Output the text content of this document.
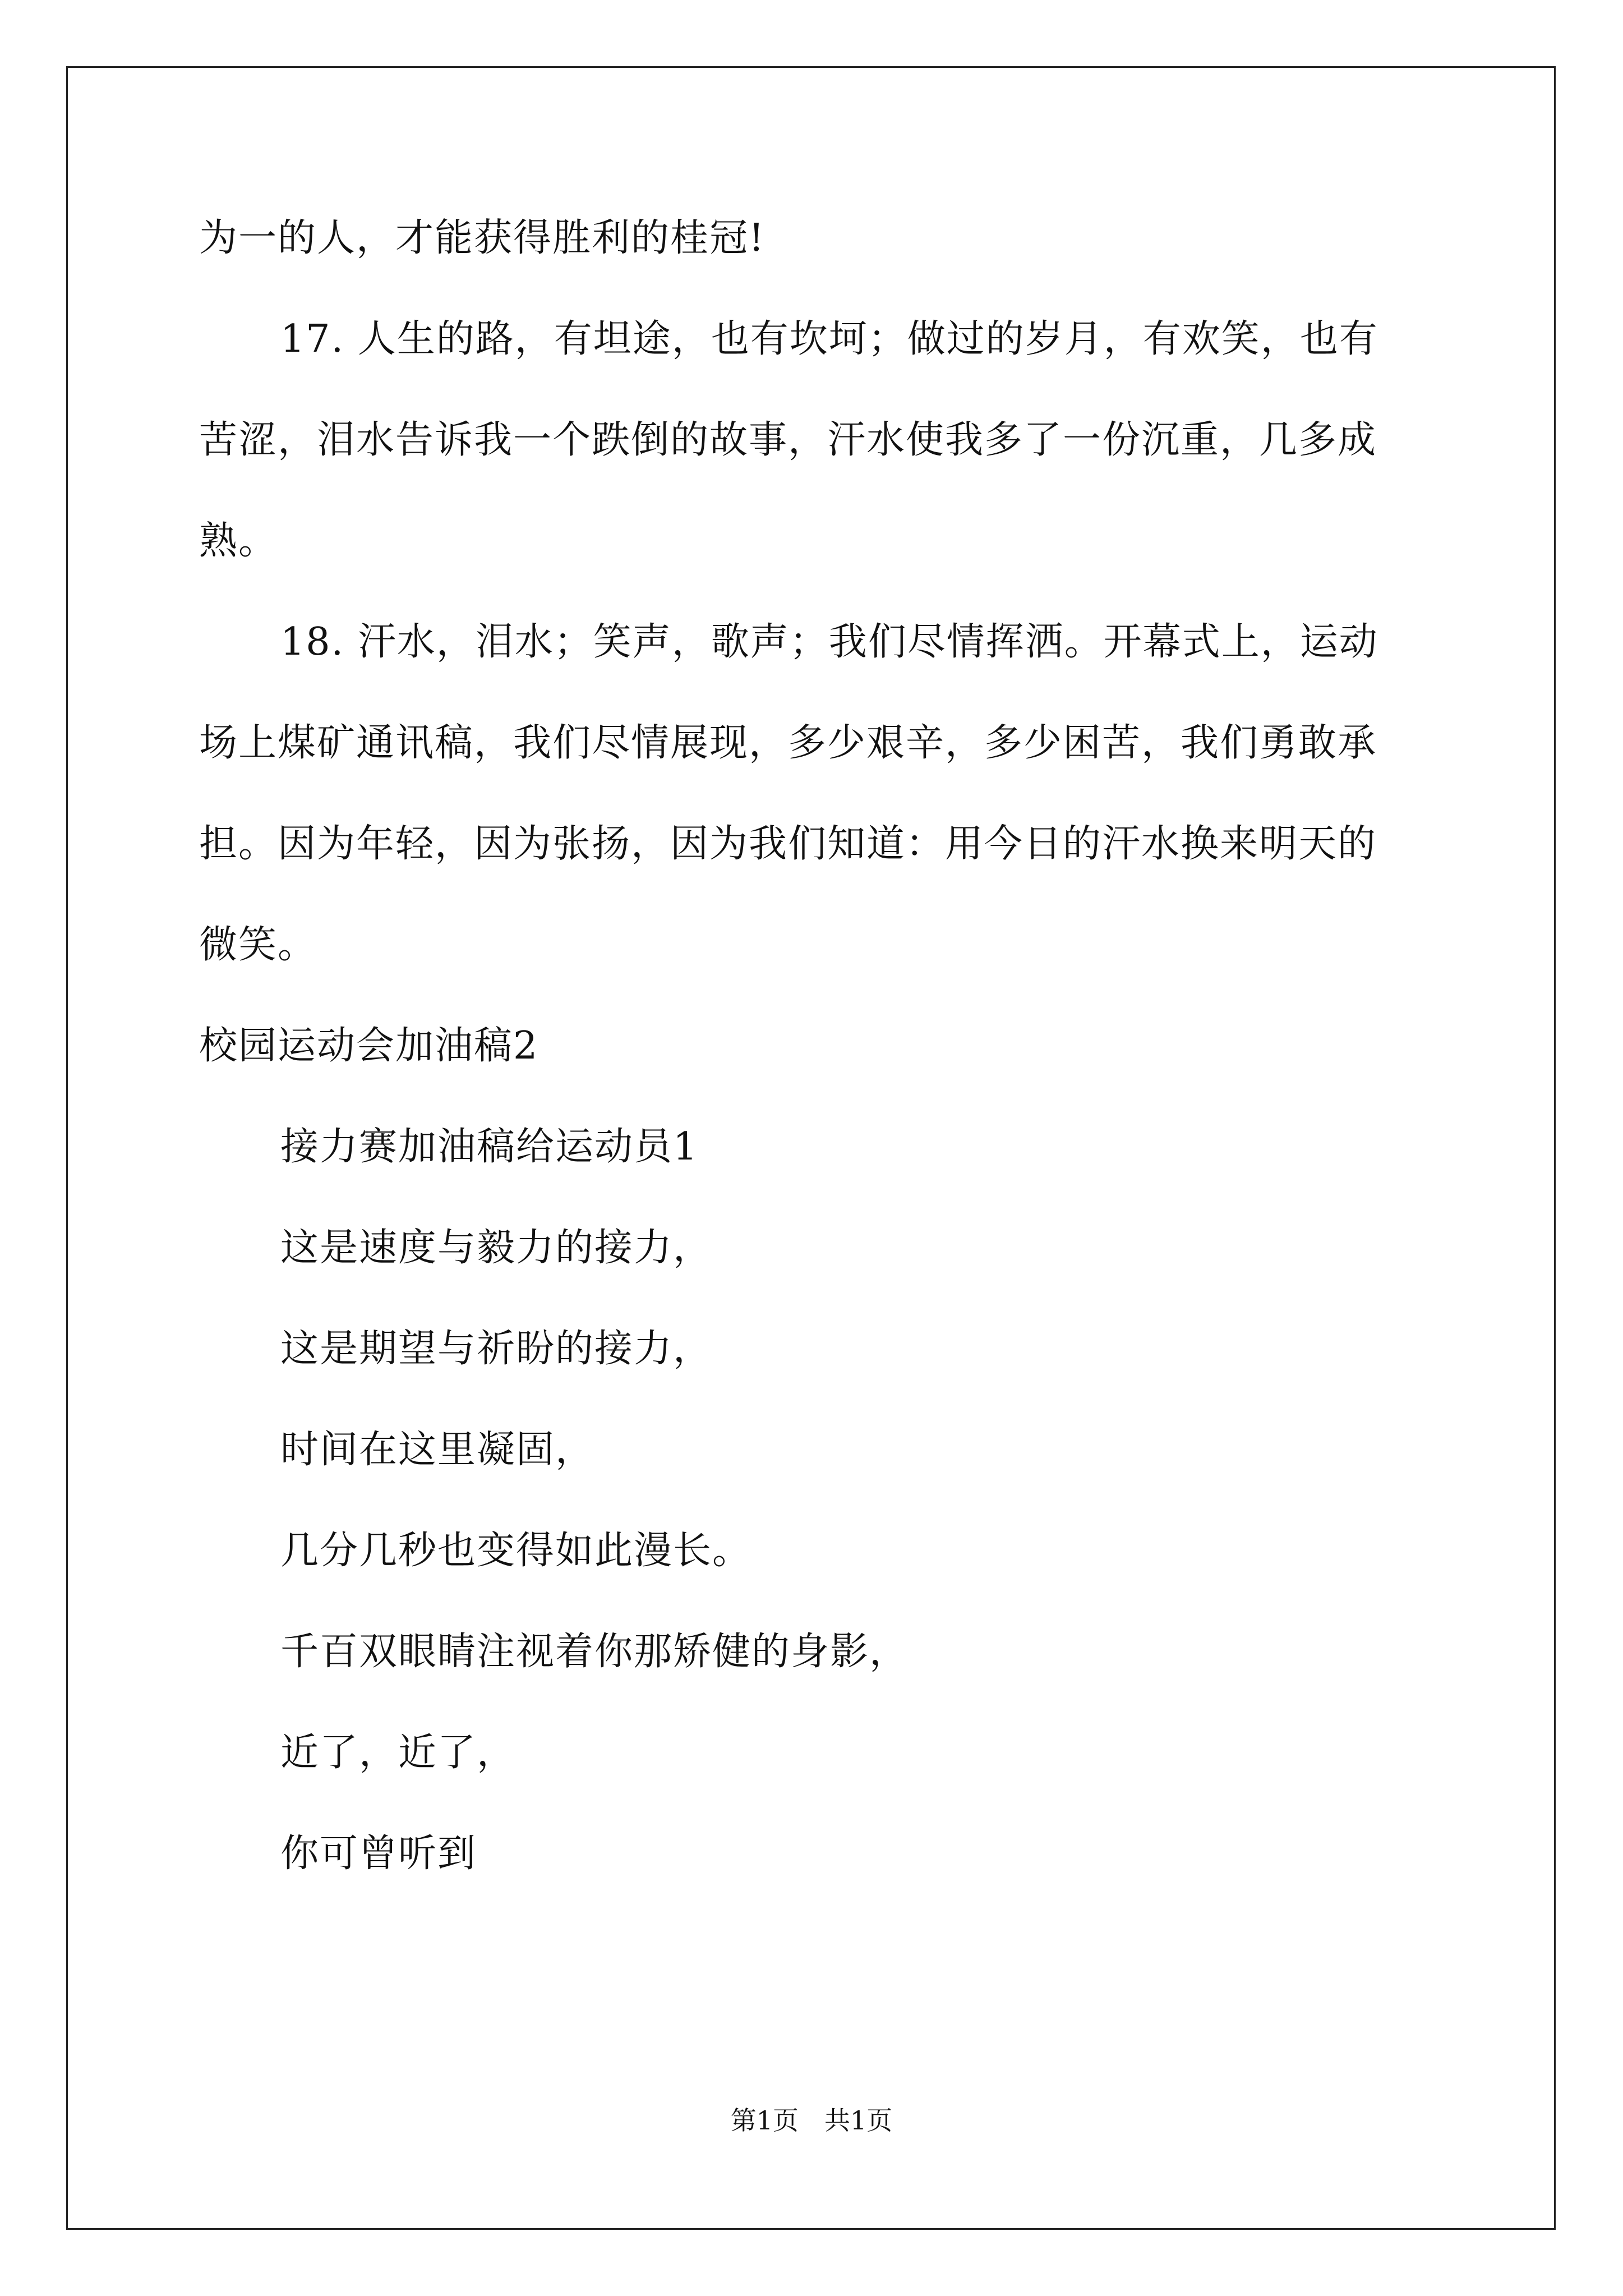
为一的人，才能获得胜利的桂冠!
17. 人生的路，有坦途，也有坎坷；做过的岁月，有欢笑，也有
苦涩，泪水告诉我一个跌倒的故事，汗水使我多了一份沉重，几多成
熟。
18. 汗水，泪水；笑声，歌声；我们尽情挥洒。开幕式上，运动
场上煤矿通讯稿，我们尽情展现，多少艰辛，多少困苦，我们勇敢承
担。因为年轻，因为张扬，因为我们知道：用今日的汗水换来明天的
微笑。
校园运动会加油稿2
接力赛加油稿给运动员1
这是速度与毅力的接力，
这是期望与祈盼的接力，
时间在这里凝固，
几分几秒也变得如此漫长。
千百双眼睛注视着你那矫健的身影，
近了，近了，
你可曾听到
第1页　共1页
